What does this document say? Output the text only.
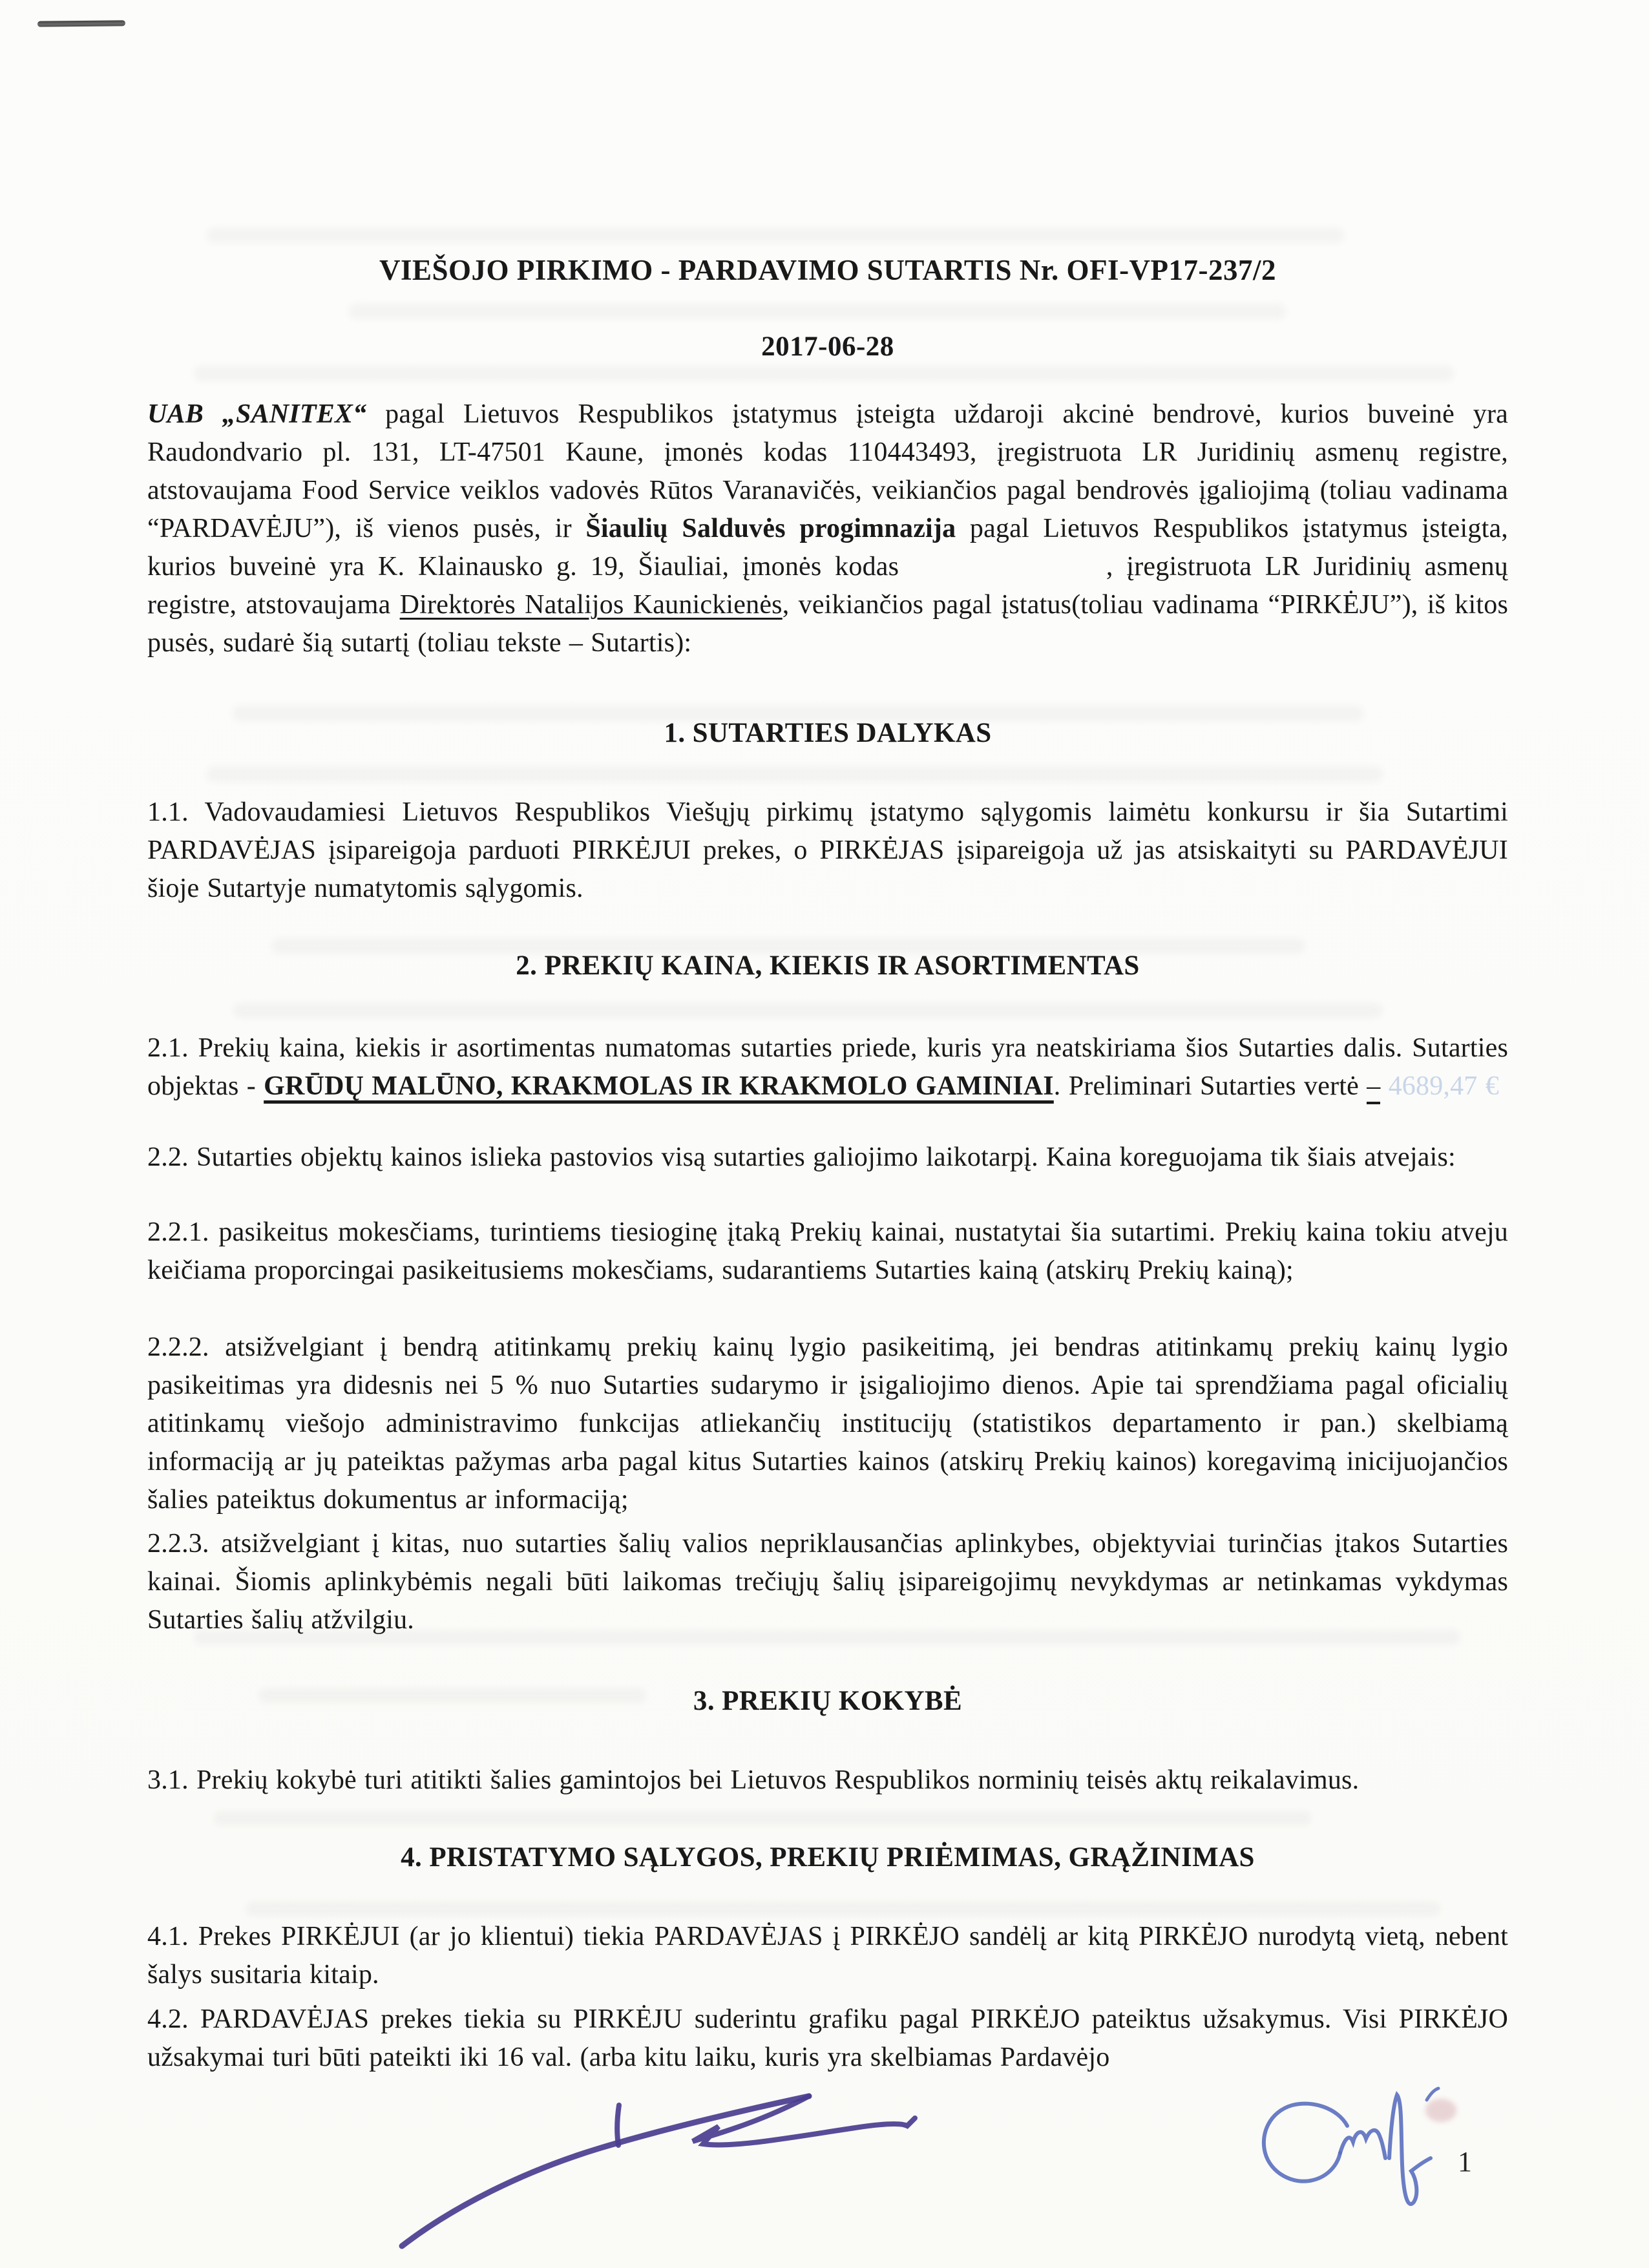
VIEŠOJO PIRKIMO - PARDAVIMO SUTARTIS Nr. OFI-VP17-237/2
2017-06-28
UAB „SANITEX“ pagal Lietuvos Respublikos įstatymus įsteigta uždaroji akcinė bendrovė, kurios buveinė yra Raudondvario pl. 131, LT-47501 Kaune, įmonės kodas 110443493, įregistruota LR Juridinių asmenų registre, atstovaujama Food Service veiklos vadovės Rūtos Varanavičės, veikiančios pagal bendrovės įgaliojimą (toliau vadinama “PARDAVĖJU”), iš vienos pusės, ir Šiaulių Salduvės progimnazija pagal Lietuvos Respublikos įstatymus įsteigta, kurios buveinė yra K. Klainausko g. 19, Šiauliai, įmonės kodas	, įregistruota LR Juridinių asmenų registre, atstovaujama Direktorės Natalijos Kaunickienės, veikiančios pagal įstatus(toliau vadinama “PIRKĖJU”), iš kitos pusės, sudarė šią sutartį (toliau tekste – Sutartis):
1. SUTARTIES DALYKAS
1.1. Vadovaudamiesi Lietuvos Respublikos Viešųjų pirkimų įstatymo sąlygomis laimėtu konkursu ir šia Sutartimi PARDAVĖJAS įsipareigoja parduoti PIRKĖJUI prekes, o PIRKĖJAS įsipareigoja už jas atsiskaityti su PARDAVĖJUI šioje Sutartyje numatytomis sąlygomis.
2. PREKIŲ KAINA, KIEKIS IR ASORTIMENTAS
2.1. Prekių kaina, kiekis ir asortimentas numatomas sutarties priede, kuris yra neatskiriama šios Sutarties dalis. Sutarties objektas - GRŪDŲ MALŪNO, KRAKMOLAS IR KRAKMOLO GAMINIAI. Preliminari Sutarties vertė – 4689,47 €
2.2. Sutarties objektų kainos islieka pastovios visą sutarties galiojimo laikotarpį. Kaina koreguojama tik šiais atvejais:
2.2.1. pasikeitus mokesčiams, turintiems tiesioginę įtaką Prekių kainai, nustatytai šia sutartimi. Prekių kaina tokiu atveju keičiama proporcingai pasikeitusiems mokesčiams, sudarantiems Sutarties kainą (atskirų Prekių kainą);
2.2.2. atsižvelgiant į bendrą atitinkamų prekių kainų lygio pasikeitimą, jei bendras atitinkamų prekių kainų lygio pasikeitimas yra didesnis nei 5 % nuo Sutarties sudarymo ir įsigaliojimo dienos. Apie tai sprendžiama pagal oficialių atitinkamų viešojo administravimo funkcijas atliekančių institucijų (statistikos departamento ir pan.) skelbiamą informaciją ar jų pateiktas pažymas arba pagal kitus Sutarties kainos (atskirų Prekių kainos) koregavimą inicijuojančios šalies pateiktus dokumentus ar informaciją;
2.2.3. atsižvelgiant į kitas, nuo sutarties šalių valios nepriklausančias aplinkybes, objektyviai turinčias įtakos Sutarties kainai. Šiomis aplinkybėmis negali būti laikomas trečiųjų šalių įsipareigojimų nevykdymas ar netinkamas vykdymas Sutarties šalių atžvilgiu.
3. PREKIŲ KOKYBĖ
3.1. Prekių kokybė turi atitikti šalies gamintojos bei Lietuvos Respublikos norminių teisės aktų reikalavimus.
4. PRISTATYMO SĄLYGOS, PREKIŲ PRIĖMIMAS, GRĄŽINIMAS
4.1. Prekes PIRKĖJUI (ar jo klientui) tiekia PARDAVĖJAS į PIRKĖJO sandėlį ar kitą PIRKĖJO nurodytą vietą, nebent šalys susitaria kitaip.
4.2. PARDAVĖJAS prekes tiekia su PIRKĖJU suderintu grafiku pagal PIRKĖJO pateiktus užsakymus. Visi PIRKĖJO užsakymai turi būti pateikti iki 16 val. (arba kitu laiku, kuris yra skelbiamas Pardavėjo
1
